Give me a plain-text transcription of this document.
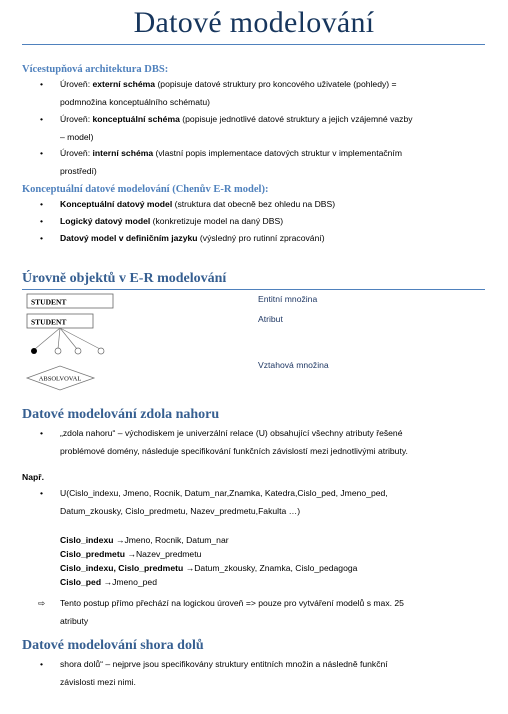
Datové modelování
Vícestupňová architektura DBS:
• Úroveň: externí schéma (popisuje datové struktury pro koncového uživatele (pohledy) =
podmnožina konceptuálního schématu)
• Úroveň: konceptuální schéma (popisuje jednotlivé datové struktury a jejich vzájemné vazby
– model)
• Úroveň: interní schéma (vlastní popis implementace datových struktur v implementačním
prostředí)
Konceptuální datové modelování (Chenův E-R model):
• Konceptuální datový model (struktura dat obecně bez ohledu na DBS)
• Logický datový model (konkretizuje model na daný DBS)
• Datový model v definičním jazyku (výsledný pro rutinní zpracování)
Úrovně objektů v E-R modelování
STUDENT
STUDENT
ABSOLVOVAL
Entitní množina
Atribut
Vztahová množina
Datové modelování zdola nahoru
• „zdola nahoru“ – východiskem je univerzální relace (U) obsahující všechny atributy řešené
problémové domény, následuje specifikování funkčních závislostí mezi jednotlivými atributy.
Např.
• U(Cislo_indexu, Jmeno, Rocnik, Datum_nar,Znamka, Katedra,Cislo_ped, Jmeno_ped,
Datum_zkousky, Cislo_predmetu, Nazev_predmetu,Fakulta …)
Cislo_indexu →Jmeno, Rocnik, Datum_nar
Cislo_predmetu →Nazev_predmetu
Cislo_indexu, Cislo_predmetu →Datum_zkousky, Znamka, Cislo_pedagoga
Cislo_ped →Jmeno_ped
⇨ Tento postup přímo přechází na logickou úroveň => pouze pro vytváření modelů s max. 25
atributy
Datové modelování shora dolů
• shora dolů“ – nejprve jsou specifikovány struktury entitních množin a následně funkční
závislosti mezi nimi.
